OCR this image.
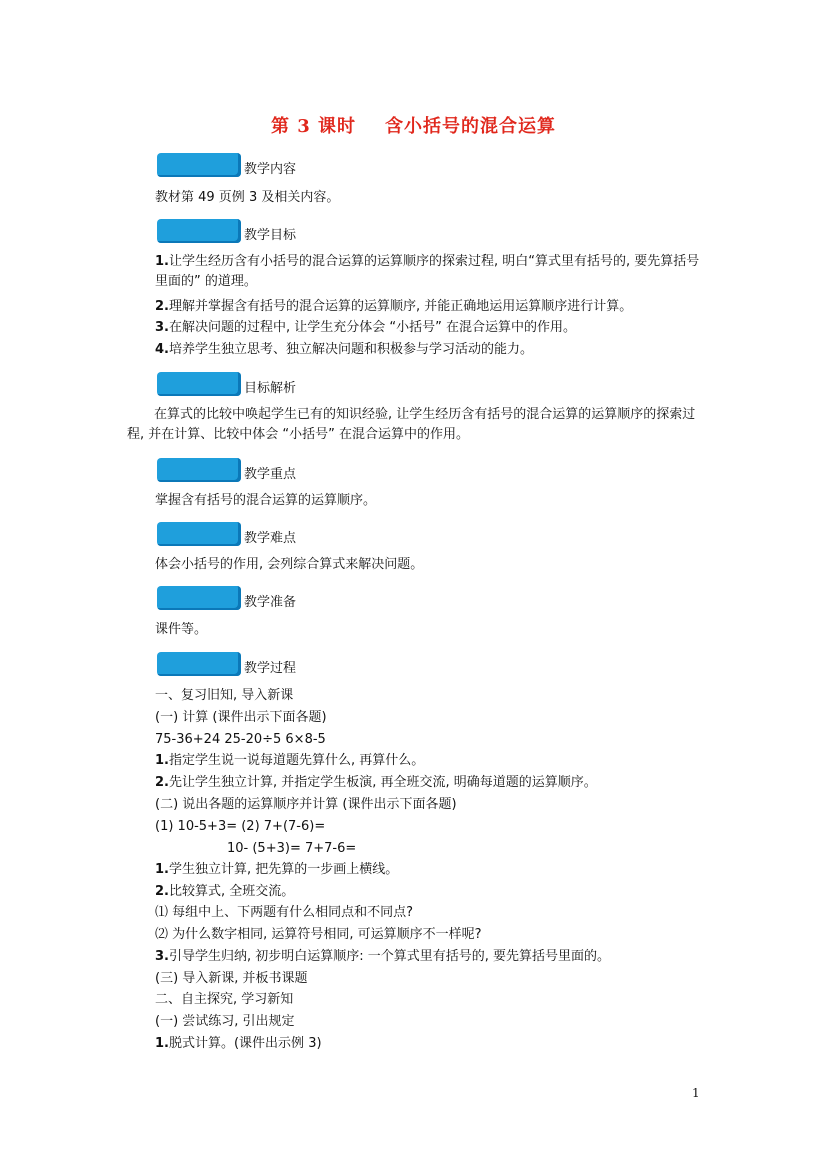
第 3 课时    含小括号的混合运算
教学内容
教材第 49 页例 3 及相关内容。
教学目标
1.让学生经历含有小括号的混合运算的运算顺序的探索过程, 明白“算式里有括号的, 要先算括号里面的” 的道理。
2.理解并掌握含有括号的混合运算的运算顺序, 并能正确地运用运算顺序进行计算。
3.在解决问题的过程中, 让学生充分体会 “小括号” 在混合运算中的作用。
4.培养学生独立思考、独立解决问题和积极参与学习活动的能力。
目标解析
在算式的比较中唤起学生已有的知识经验, 让学生经历含有括号的混合运算的运算顺序的探索过程, 并在计算、比较中体会 “小括号” 在混合运算中的作用。
教学重点
掌握含有括号的混合运算的运算顺序。
教学难点
体会小括号的作用, 会列综合算式来解决问题。
教学准备
课件等。
教学过程
一、复习旧知, 导入新课
(一) 计算 (课件出示下面各题)
75-36+24 25-20÷5 6×8-5
1.指定学生说一说每道题先算什么, 再算什么。
2.先让学生独立计算, 并指定学生板演, 再全班交流, 明确每道题的运算顺序。
(二) 说出各题的运算顺序并计算 (课件出示下面各题)
(1) 10-5+3= (2) 7+(7-6)=
10- (5+3)= 7+7-6=
1.学生独立计算, 把先算的一步画上横线。
2.比较算式, 全班交流。
⑴ 每组中上、下两题有什么相同点和不同点?
⑵ 为什么数字相同, 运算符号相同, 可运算顺序不一样呢?
3.引导学生归纳, 初步明白运算顺序: 一个算式里有括号的, 要先算括号里面的。
(三) 导入新课, 并板书课题
二、自主探究, 学习新知
(一) 尝试练习, 引出规定
1.脱式计算。(课件出示例 3)
1
